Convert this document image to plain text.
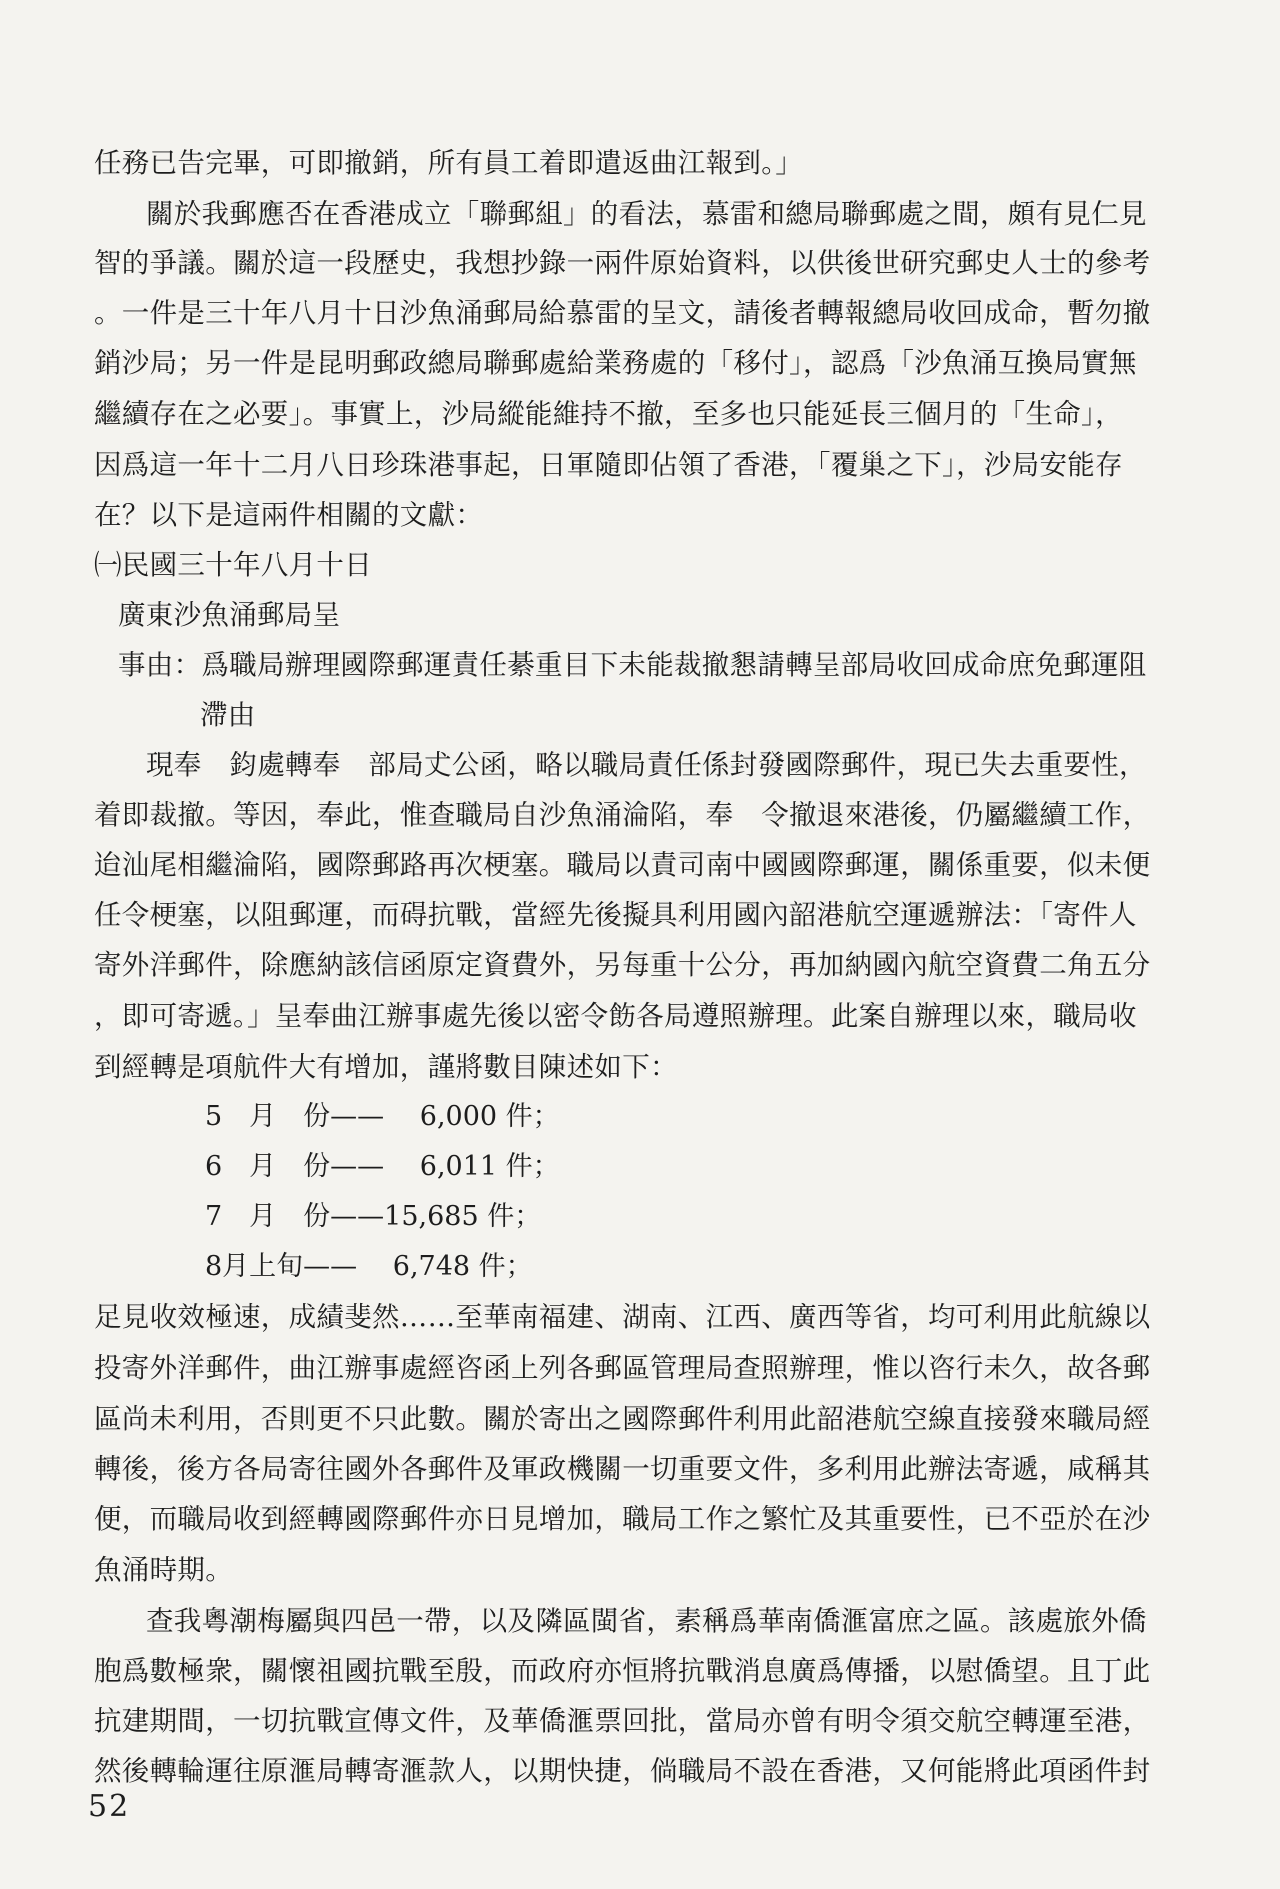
任務已告完畢，可即撤銷，所有員工着即遣返曲江報到。」
關於我郵應否在香港成立「聯郵組」的看法，慕雷和總局聯郵處之間，頗有見仁見
智的爭議。關於這一段歷史，我想抄錄一兩件原始資料，以供後世研究郵史人士的參考
。一件是三十年八月十日沙魚涌郵局給慕雷的呈文，請後者轉報總局收回成命，暫勿撤
銷沙局；另一件是昆明郵政總局聯郵處給業務處的「移付」，認爲「沙魚涌互換局實無
繼續存在之必要」。事實上，沙局縱能維持不撤，至多也只能延長三個月的「生命」，
因爲這一年十二月八日珍珠港事起，日軍隨即佔領了香港，「覆巢之下」，沙局安能存
在？以下是這兩件相關的文獻：
㈠民國三十年八月十日
廣東沙魚涌郵局呈
事由：爲職局辦理國際郵運責任綦重目下未能裁撤懇請轉呈部局收回成命庶免郵運阻
滯由
現奉　鈞處轉奉　部局𠀋公函，略以職局責任係封發國際郵件，現已失去重要性，
着即裁撤。等因，奉此，惟查職局自沙魚涌淪陷，奉　令撤退來港後，仍屬繼續工作，
迨汕尾相繼淪陷，國際郵路再次梗塞。職局以責司南中國國際郵運，關係重要，似未便
任令梗塞，以阻郵運，而碍抗戰，當經先後擬具利用國內韶港航空運遞辦法：「寄件人
寄外洋郵件，除應納該信函原定資費外，另每重十公分，再加納國內航空資費二角五分
，即可寄遞。」呈奉曲江辦事處先後以密令飭各局遵照辦理。此案自辦理以來，職局收
到經轉是項航件大有增加，謹將數目陳述如下：
5　月　份——　 6,000 件；
6　月　份——　 6,011 件；
7　月　份——15,685 件；
8月上旬——　 6,748 件；
足見收效極速，成績斐然……至華南福建、湖南、江西、廣西等省，均可利用此航線以
投寄外洋郵件，曲江辦事處經咨函上列各郵區管理局查照辦理，惟以咨行未久，故各郵
區尚未利用，否則更不只此數。關於寄出之國際郵件利用此韶港航空線直接發來職局經
轉後，後方各局寄往國外各郵件及軍政機關一切重要文件，多利用此辦法寄遞，咸稱其
便，而職局收到經轉國際郵件亦日見增加，職局工作之繁忙及其重要性，已不亞於在沙
魚涌時期。
查我粵潮梅屬與四邑一帶，以及隣區閩省，素稱爲華南僑滙富庶之區。該處旅外僑
胞爲數極衆，關懷祖國抗戰至殷，而政府亦恒將抗戰消息廣爲傳播，以慰僑望。且丁此
抗建期間，一切抗戰宣傳文件，及華僑滙票回批，當局亦曾有明令須交航空轉運至港，
然後轉輪運往原滙局轉寄滙款人，以期快捷，倘職局不設在香港，又何能將此項函件封
52
